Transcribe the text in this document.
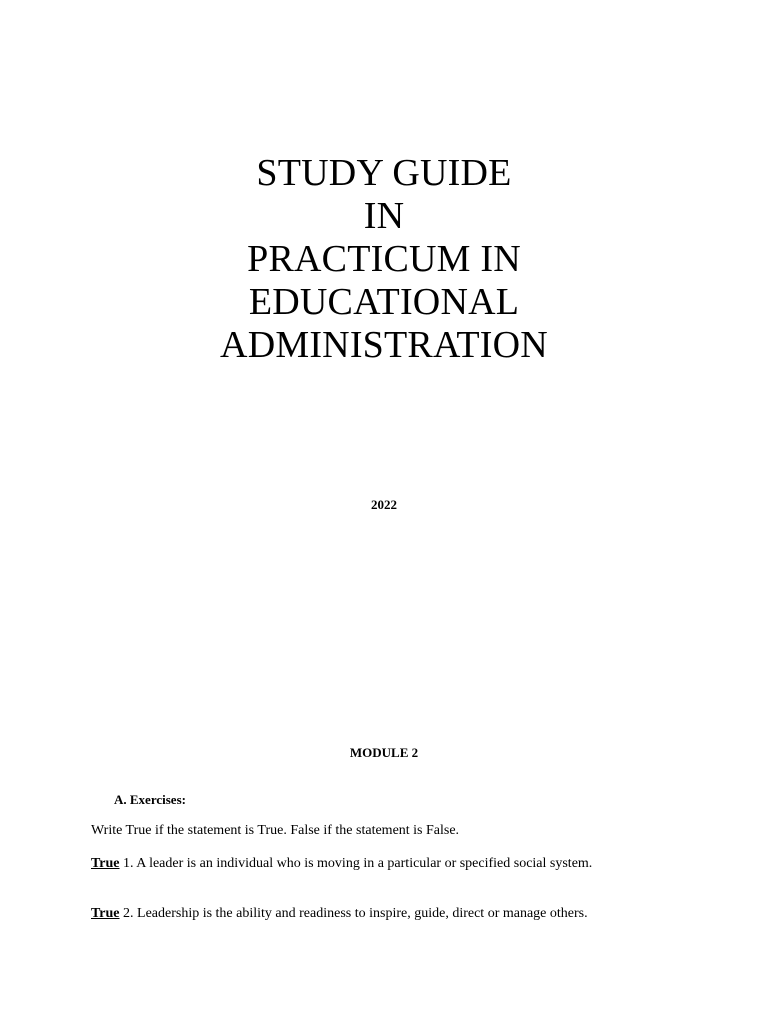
STUDY GUIDE
IN
PRACTICUM IN
EDUCATIONAL
ADMINISTRATION
2022
MODULE 2
A. Exercises:
Write True if the statement is True. False if the statement is False.
True 1. A leader is an individual who is moving in a particular or specified social system.
True 2. Leadership is the ability and readiness to inspire, guide, direct or manage others.
